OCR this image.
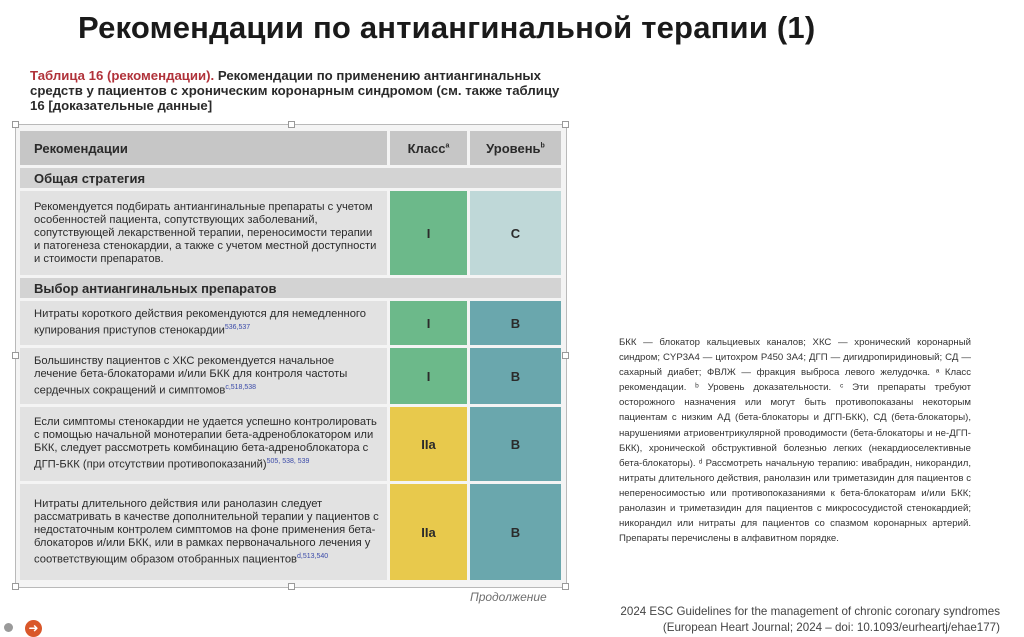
Рекомендации по антиангинальной терапии (1)
Таблица 16 (рекомендации). Рекомендации по применению антиангинальных средств у пациентов с хроническим коронарным синдромом (см. также таблицу 16 [доказательные данные]
Рекомендации	Класс$^a$	Уровень$^b$
Общая стратегия		
Рекомендуется подбирать антиангинальные препараты с учетом особенностей пациента, сопутствующих заболеваний, сопутствующей лекарственной терапии, переносимости терапии и патогенеза стенокардии, а также с учетом местной доступности и стоимости препаратов.	I	C
Выбор антиангинальных препаратов		
Нитраты короткого действия рекомендуются для немедленного купирования приступов стенокардии$^{536,537}$	I	B
Большинству пациентов с ХКС рекомендуется начальное лечение бета-блокаторами и/или БКК для контроля частоты сердечных сокращений и симптомов$^{c,518,538}$	I	B
Если симптомы стенокардии не удается успешно контролировать с помощью начальной монотерапии бета-адреноблокатором или БКК, следует рассмотреть комбинацию бета-адреноблокатора с ДГП-БКК (при отсутствии противопоказаний)$^{505, 538, 539}$	IIa	B
Нитраты длительного действия или ранолазин следует рассматривать в качестве дополнительной терапии у пациентов с недостаточным контролем симптомов на фоне применения бета-блокаторов и/или БКК, или в рамках первоначального лечения у соответствующим образом отобранных пациентов$^{d,513,540}$	IIa	B
Продолжение
БКК — блокатор кальциевых каналов; ХКС — хронический коронарный синдром; CYP3A4 — цитохром P450 3A4; ДГП — дигидропиридиновый; СД — сахарный диабет; ФВЛЖ — фракция выброса левого желудочка. ᵃ Класс рекомендации. ᵇ Уровень доказательности. ᶜ Эти препараты требуют осторожного назначения или могут быть противопоказаны некоторым пациентам с низким АД (бета-блокаторы и ДГП-БКК), СД (бета-блокаторы), нарушениями атриовентрикулярной проводимости (бета-блокаторы и не-ДГП-БКК), хронической обструктивной болезнью легких (некардиоселективные бета-блокаторы). ᵈ Рассмотреть начальную терапию: ивабрадин, никорандил, нитраты длительного действия, ранолазин или триметазидин для пациентов с непереносимостью или противопоказаниями к бета-блокаторам и/или БКК; ранолазин и триметазидин для пациентов с микрососудистой стенокардией; никорандил или нитраты для пациентов со спазмом коронарных артерий. Препараты перечислены в алфавитном порядке.
2024 ESC Guidelines for the management of chronic coronary syndromes
(European Heart Journal; 2024 – doi: 10.1093/eurheartj/ehae177)
➜
